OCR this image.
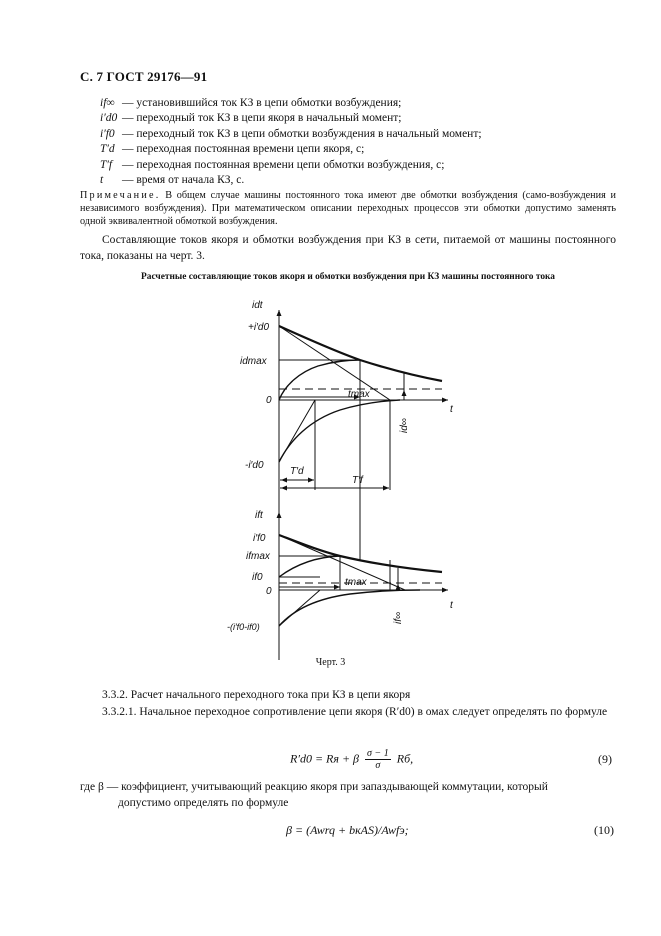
С. 7 ГОСТ 29176—91
if∞ — установившийся ток КЗ в цепи обмотки возбуждения;
i′d0 — переходный ток КЗ в цепи якоря в начальный момент;
i′f0 — переходный ток КЗ в цепи обмотки возбуждения в начальный момент;
T′d — переходная постоянная времени цепи якоря, с;
T′f — переходная постоянная времени цепи обмотки возбуждения, с;
t — время от начала КЗ, с.
Примечание. В общем случае машины постоянного тока имеют две обмотки возбуждения (само-возбуждения и независимого возбуждения). При математическом описании переходных процессов эти обмотки допустимо заменять одной эквивалентной обмоткой возбуждения.
Составляющие токов якоря и обмотки возбуждения при КЗ в сети, питаемой от машины постоянного тока, показаны на черт. 3.
Расчетные составляющие токов якоря и обмотки возбуждения при КЗ машины постоянного тока
idt
+i′d0
idmax
0
-i′d0
tmax
t
id∞
T′d
T′f
ift
i′f0
ifmax
if0
0
-(i′f0-if0)
tmax
t
if∞
Черт. 3
3.3.2. Расчет начального переходного тока при КЗ в цепи якоря
3.3.2.1. Начальное переходное сопротивление цепи якоря (R′d0) в омах следует определять по формуле
R′d0 = Rя + β $\frac{\sigma - 1}{\sigma}$ Rб,	(9)
где β — коэффициент, учитывающий реакцию якоря при запаздывающей коммутации, который
допустимо определять по формуле
β = (Awrq + bкAS)/Awfэ;	(10)
